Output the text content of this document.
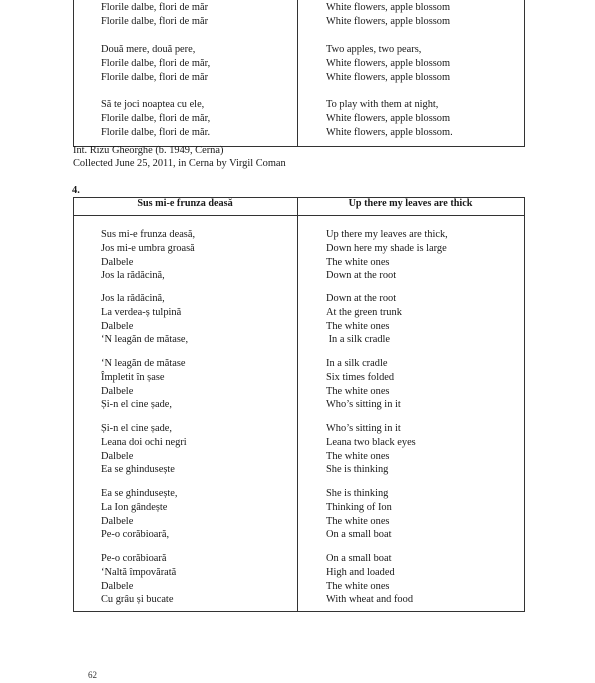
Florile dalbe, flori de măr
Florile dalbe, flori de măr
White flowers, apple blossom
White flowers, apple blossom
Două mere, două pere,
Florile dalbe, flori de măr,
Florile dalbe, flori de măr
Two apples, two pears,
White flowers, apple blossom
White flowers, apple blossom
Să te joci noaptea cu ele,
Florile dalbe, flori de măr,
Florile dalbe, flori de măr.
To play with them at night,
White flowers, apple blossom
White flowers, apple blossom.
Int. Rizu Gheorghe (b. 1949, Cerna)
Collected June 25, 2011, in Cerna by Virgil Coman
4.
Sus mi-e frunza deasă	Up there my leaves are thick
Sus mi-e frunza deasă,
Jos mi-e umbra groasă
Dalbele
Jos la rădăcină,
Up there my leaves are thick,
Down here my shade is large
The white ones
Down at the root
Jos la rădăcină,
La verdea-ș tulpină
Dalbele
‘N leagăn de mătase,
Down at the root
At the green trunk
The white ones
In a silk cradle
‘N leagăn de mătase
Împletit în șase
Dalbele
Și-n el cine șade,
In a silk cradle
Six times folded
The white ones
Who’s sitting in it
Și-n el cine șade,
Leana doi ochi negri
Dalbele
Ea se ghindusește
Who’s sitting in it
Leana two black eyes
The white ones
She is thinking
Ea se ghindusește,
La Ion gândește
Dalbele
Pe-o corăbioară,
She is thinking
Thinking of Ion
The white ones
On a small boat
Pe-o corăbioară
‘Naltă împovărată
Dalbele
Cu grâu și bucate
On a small boat
High and loaded
The white ones
With wheat and food
62
